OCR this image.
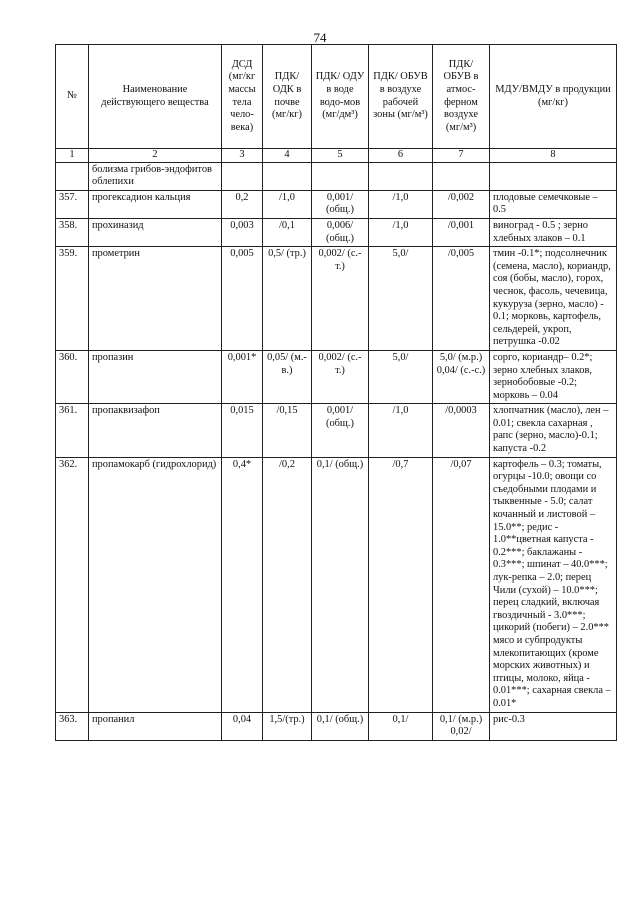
74
№	Наименование действующего вещества	ДСД (мг/кг массы тела чело-века)	ПДК/ ОДК в почве (мг/кг)	ПДК/ ОДУ в воде водо-мов (мг/дм³)	ПДК/ ОБУВ в воздухе рабочей зоны (мг/м³)	ПДК/ ОБУВ в атмос-ферном воздухе (мг/м³)	МДУ/ВМДУ в продукции (мг/кг)
1	2	3	4	5	6	7	8
	болизма грибов-эндофитов облепихи						
357.	прогексадион кальция	0,2	/1,0	0,001/ (общ.)	/1,0	/0,002	плодовые семечковые – 0.5
358.	прохиназид	0,003	/0,1	0,006/ (общ.)	/1,0	/0,001	виноград - 0.5 ; зерно хлебных злаков – 0.1
359.	прометрин	0,005	0,5/ (тр.)	0,002/ (с.-т.)	5,0/	/0,005	тмин -0.1*; подсолнечник (семена, масло), кориандр, соя (бобы, масло), горох, чеснок, фасоль, чечевица, кукуруза (зерно, масло) - 0.1; морковь, картофель, сельдерей, укроп, петрушка -0.02
360.	пропазин	0,001*	0,05/ (м.-в.)	0,002/ (с.-т.)	5,0/	5,0/ (м.р.) 0,04/ (с.-с.)	сорго, кориандр– 0.2*; зерно хлебных злаков, зернобобовые -0.2; морковь – 0.04
361.	пропаквизафоп	0,015	/0,15	0,001/ (общ.)	/1,0	/0,0003	хлопчатник (масло), лен – 0.01; свекла сахарная , рапс (зерно, масло)-0.1; капуста -0.2
362.	пропамокарб (гидрохлорид)	0,4*	/0,2	0,1/ (общ.)	/0,7	/0,07	картофель – 0.3; томаты, огурцы -10.0; овощи со съедобными плодами и тыквенные - 5.0; салат кочанный и листовой – 15.0**; редис - 1.0**цветная капуста - 0.2***; баклажаны - 0.3***; шпинат – 40.0***; лук-репка – 2.0; перец Чили (сухой) – 10.0***; перец сладкий, включая гвоздичный - 3.0***; цикорий (побеги) – 2.0*** мясо и субпродукты млекопитающих (кроме морских животных) и птицы, молоко, яйца - 0.01***; сахарная свекла – 0.01*
363.	пропанил	0,04	1,5/(тр.)	0,1/ (общ.)	0,1/	0,1/ (м.р.) 0,02/	рис-0.3
